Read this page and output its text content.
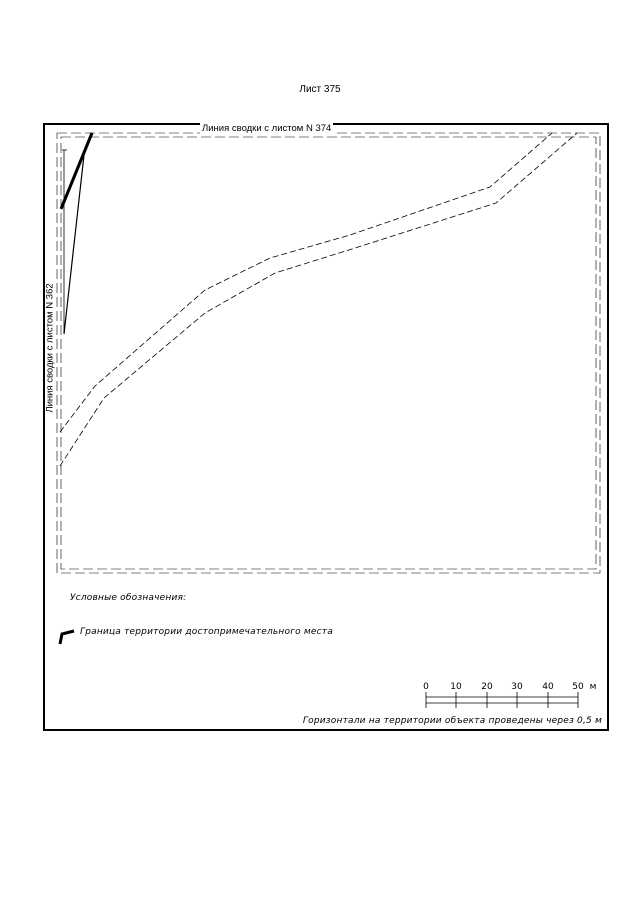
Лист 375
Линия сводки с листом N 374
Линия сводки с листом N 362
Условные обозначения:
Граница территории достопримечательного места
0 10 20 30 40 50 м
Горизонтали на территории объекта проведены через 0,5 м
